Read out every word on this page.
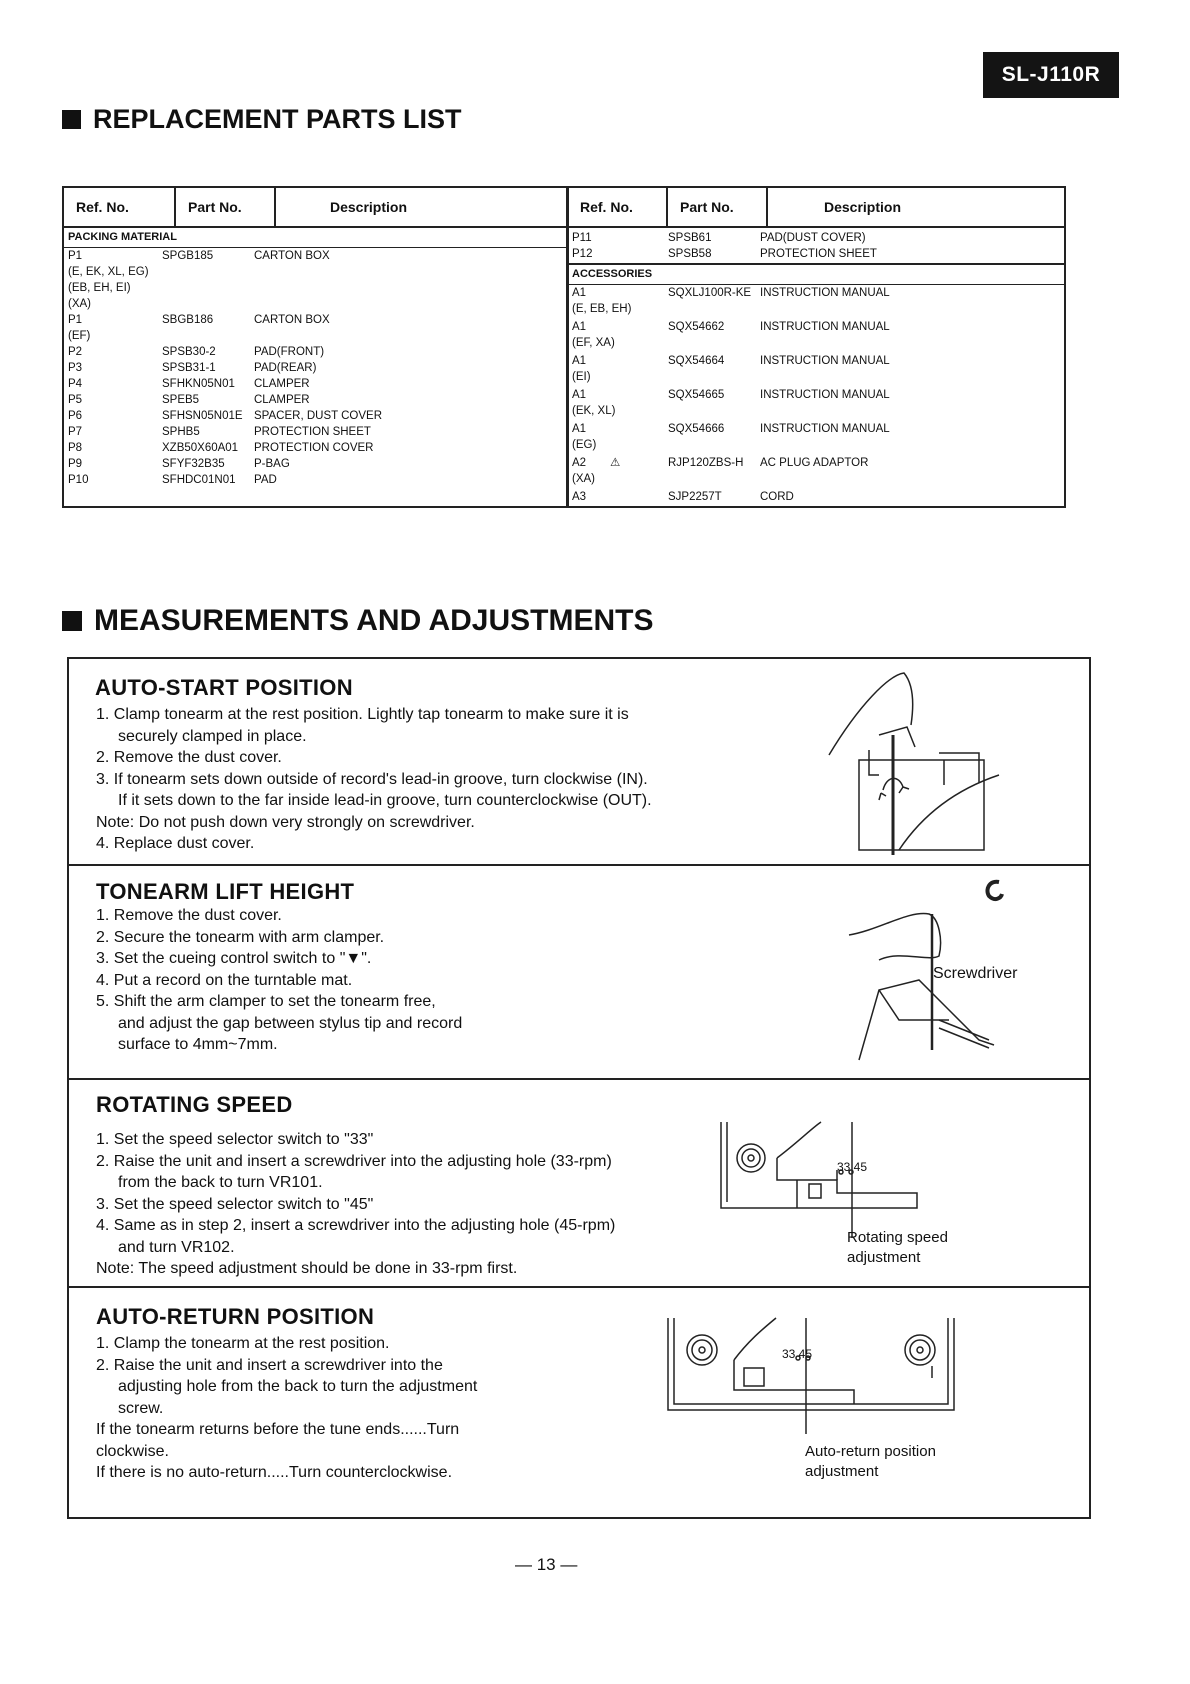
SL-J110R
REPLACEMENT PARTS LIST
Ref. No.	Part No.	Description
PACKING MATERIAL
P1	SPGB185	CARTON BOX
(E, EK, XL, EG)
(EB, EH, EI)
(XA)
P1	SBGB186	CARTON BOX
(EF)
P2	SPSB30-2	PAD(FRONT)
P3	SPSB31-1	PAD(REAR)
P4	SFHKN05N01 CLAMPER
P5	SPEB5	CLAMPER
P6	SFHSN05N01E SPACER, DUST COVER
P7	SPHB5	PROTECTION SHEET
P8	XZB50X60A01 PROTECTION COVER
P9	SFYF32B35	P-BAG
P10	SFHDC01N01 PAD
Ref. No.	Part No.	Description
P11	SPSB61	PAD(DUST COVER)
P12	SPSB58	PROTECTION SHEET
ACCESSORIES
A1	SQXLJ100R-KE INSTRUCTION MANUAL
(E, EB, EH)
A1	SQX54662	INSTRUCTION MANUAL
(EF, XA)
A1	SQX54664	INSTRUCTION MANUAL
(EI)
A1	SQX54665	INSTRUCTION MANUAL
(EK, XL)
A1	SQX54666	INSTRUCTION MANUAL
(EG)
A2	RJP120ZBS-H AC PLUG ADAPTOR
⚠
(XA)
A3	SJP2257T	CORD
MEASUREMENTS AND ADJUSTMENTS
AUTO-START POSITION
1. Clamp tonearm at the rest position. Lightly tap tonearm to make sure it is
securely clamped in place.
2. Remove the dust cover.
3. If tonearm sets down outside of record's lead-in groove, turn clockwise (IN).
If it sets down to the far inside lead-in groove, turn counterclockwise (OUT).
Note: Do not push down very strongly on screwdriver.
4. Replace dust cover.
TONEARM LIFT HEIGHT
1. Remove the dust cover.
2. Secure the tonearm with arm clamper.
3. Set the cueing control switch to "▼".
4. Put a record on the turntable mat.
5. Shift the arm clamper to set the tonearm free,
and adjust the gap between stylus tip and record
surface to 4mm~7mm.
Screwdriver
ROTATING SPEED
1. Set the speed selector switch to "33"
2. Raise the unit and insert a screwdriver into the adjusting hole (33-rpm)
from the back to turn VR101.
3. Set the speed selector switch to "45"
4. Same as in step 2, insert a screwdriver into the adjusting hole (45-rpm)
and turn VR102.
Note: The speed adjustment should be done in 33-rpm first.
33 45
Rotating speed
adjustment
AUTO-RETURN POSITION
1. Clamp the tonearm at the rest position.
2. Raise the unit and insert a screwdriver into the
adjusting hole from the back to turn the adjustment
screw.
If the tonearm returns before the tune ends......Turn
clockwise.
If there is no auto-return.....Turn counterclockwise.
33 45
Auto-return position
adjustment
— 13 —
